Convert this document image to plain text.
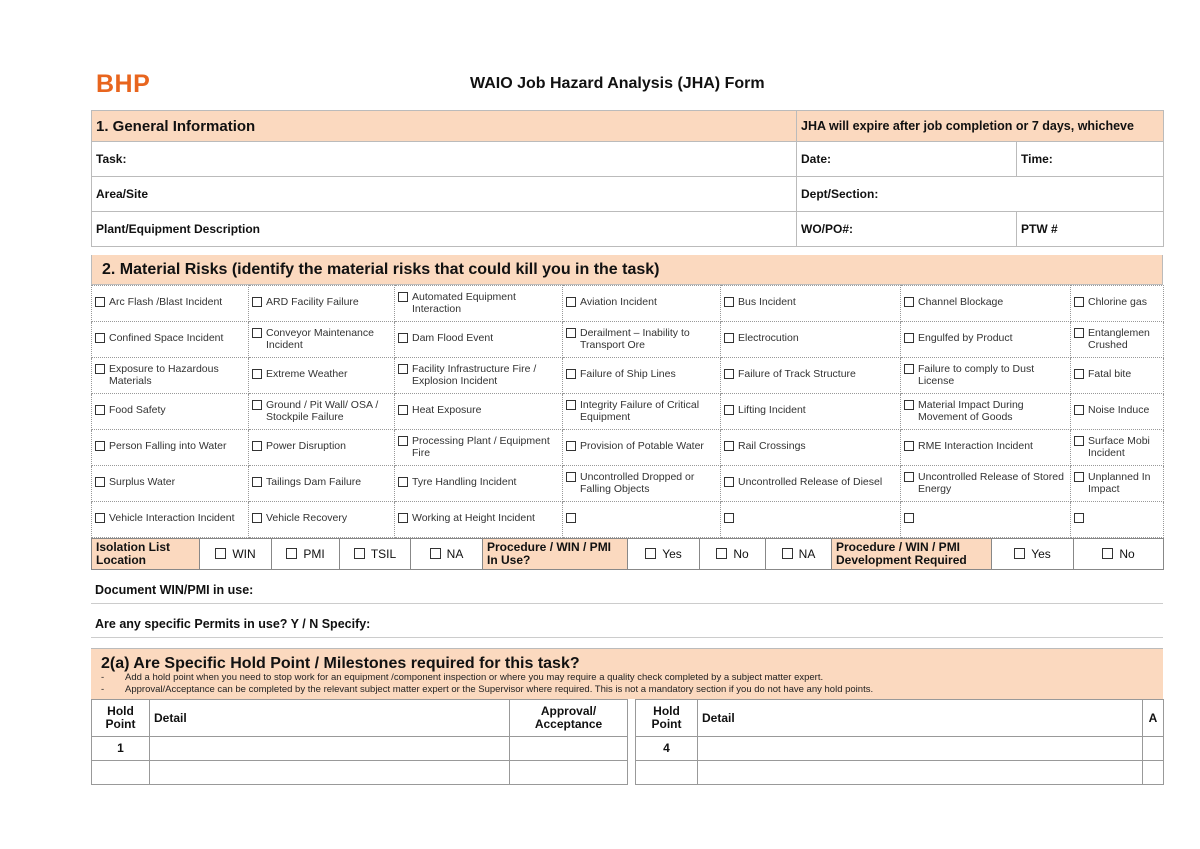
BHP	WAIO Job Hazard Analysis (JHA) Form
1. General Information	JHA will expire after job completion or 7 days, whicheve	
Task:	Date:	Time:
Area/Site	Dept/Section:	
Plant/Equipment Description	WO/PO#:	PTW #
2. Material Risks (identify the material risks that could kill you in the task)
Arc Flash /Blast Incident	ARD Facility Failure	Automated Equipment Interaction	Aviation Incident	Bus Incident	Channel Blockage	Chlorine gas
Confined Space Incident	Conveyor Maintenance Incident	Dam Flood Event	Derailment – Inability to Transport Ore	Electrocution	Engulfed by Product	Entanglemen Crushed
Exposure to Hazardous Materials	Extreme Weather	Facility Infrastructure Fire / Explosion Incident	Failure of Ship Lines	Failure of Track Structure	Failure to comply to Dust License	Fatal bite
Food Safety	Ground / Pit Wall/ OSA / Stockpile Failure	Heat Exposure	Integrity Failure of Critical Equipment	Lifting Incident	Material Impact During Movement of Goods	Noise Induce
Person Falling into Water	Power Disruption	Processing Plant / Equipment Fire	Provision of Potable Water	Rail Crossings	RME Interaction Incident	Surface Mobi Incident
Surplus Water	Tailings Dam Failure	Tyre Handling Incident	Uncontrolled Dropped or Falling Objects	Uncontrolled Release of Diesel	Uncontrolled Release of Stored Energy	Unplanned In Impact
Vehicle Interaction Incident	Vehicle Recovery	Working at Height Incident				
Isolation List Location	WIN	PMI	TSIL	NA	Procedure / WIN / PMI In Use?	Yes	No	NA	Procedure / WIN / PMI Development Required	Yes	No
Document WIN/PMI in use:
Are any specific Permits in use? Y / N Specify:
2(a) Are Specific Hold Point / Milestones required for this task?
- Add a hold point when you need to stop work for an equipment /component inspection or where you may require a quality check completed by a subject matter expert.
- Approval/Acceptance can be completed by the relevant subject matter expert or the Supervisor where required. This is not a mandatory section if you do not have any hold points.
Hold Point	Detail	Approval/ Acceptance		Hold Point	Detail	A
1				4		
